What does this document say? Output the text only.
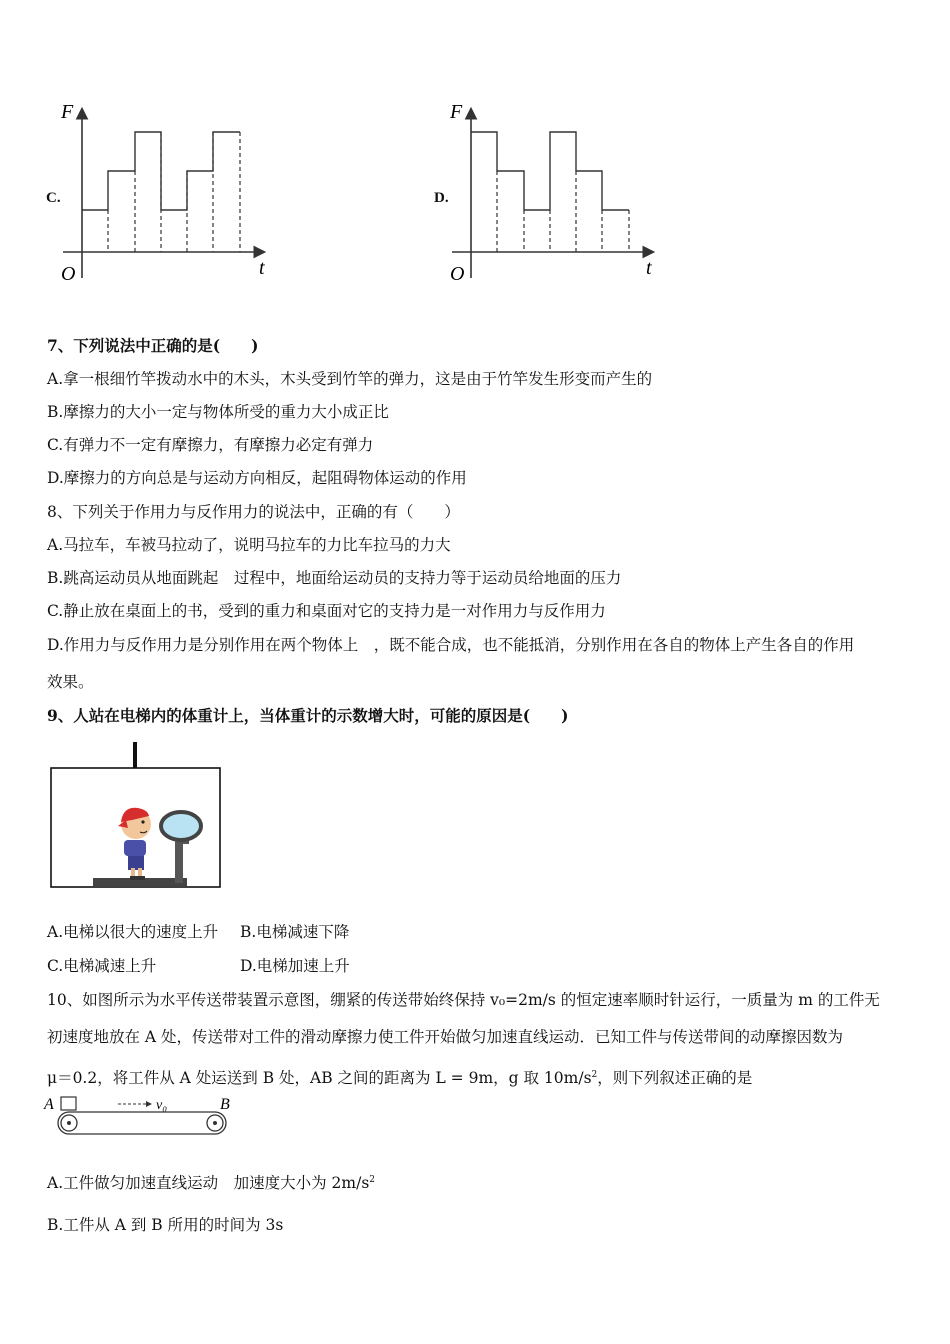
C.
F
t
O
D.
F
t
O
7、下列说法中正确的是(　　)
A.拿一根细竹竿拨动水中的木头，木头受到竹竿的弹力，这是由于竹竿发生形变而产生的
B.摩擦力的大小一定与物体所受的重力大小成正比
C.有弹力不一定有摩擦力，有摩擦力必定有弹力
D.摩擦力的方向总是与运动方向相反，起阻碍物体运动的作用
8、下列关于作用力与反作用力的说法中，正确的有（　　）
A.马拉车，车被马拉动了，说明马拉车的力比车拉马的力大
B.跳高运动员从地面跳起　过程中，地面给运动员的支持力等于运动员给地面的压力
C.静止放在桌面上的书，受到的重力和桌面对它的支持力是一对作用力与反作用力
D.作用力与反作用力是分别作用在两个物体上　，既不能合成，也不能抵消，分别作用在各自的物体上产生各自的作用
效果。
9、人站在电梯内的体重计上，当体重计的示数增大时，可能的原因是(　　)
A.电梯以很大的速度上升 B.电梯减速下降
C.电梯减速上升	D.电梯加速上升
10、如图所示为水平传送带装置示意图，绷紧的传送带始终保持 v₀=2m/s 的恒定速率顺时针运行，一质量为 m 的工件无
初速度地放在 A 处，传送带对工件的滑动摩擦力使工件开始做匀加速直线运动．已知工件与传送带间的动摩擦因数为
μ＝0.2，将工件从 A 处运送到 B 处，AB 之间的距离为 L = 9m，g 取 $10m/s^2$，则下列叙述正确的是
A	B
v₀
A.工件做匀加速直线运动　加速度大小为 $2m/s^2$
B.工件从 A 到 B 所用的时间为 3s
